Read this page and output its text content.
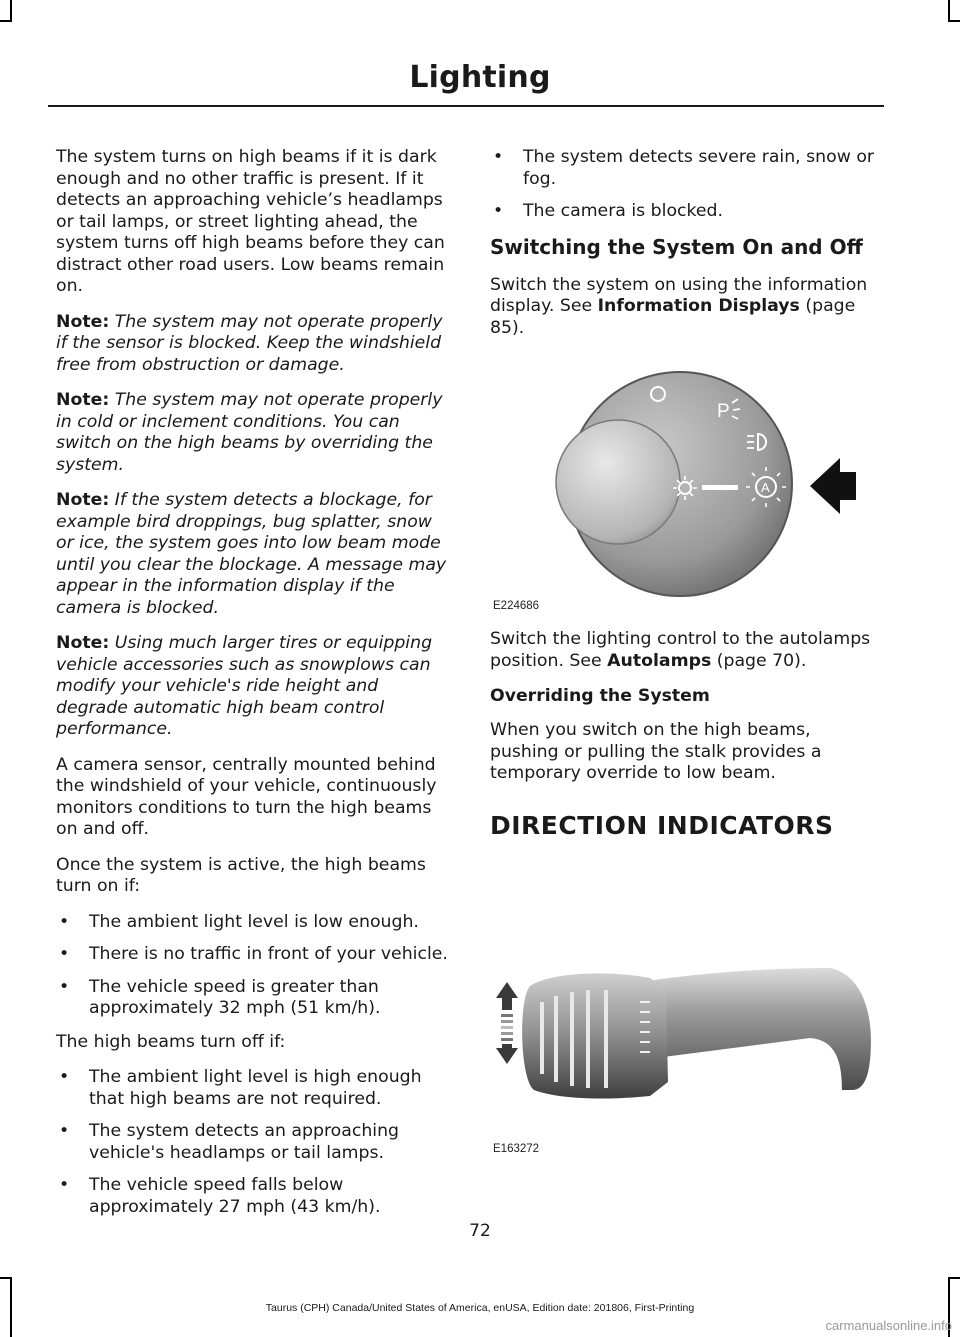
Lighting

The system turns on high beams if it is dark enough and no other traffic is present. If it detects an approaching vehicle’s headlamps or tail lamps, or street lighting ahead, the system turns off high beams before they can distract other road users. Low beams remain on.

Note: The system may not operate properly if the sensor is blocked. Keep the windshield free from obstruction or damage.

Note: The system may not operate properly in cold or inclement conditions. You can switch on the high beams by overriding the system.

Note: If the system detects a blockage, for example bird droppings, bug splatter, snow or ice, the system goes into low beam mode until you clear the blockage. A message may appear in the information display if the camera is blocked.

Note: Using much larger tires or equipping vehicle accessories such as snowplows can modify your vehicle's ride height and degrade automatic high beam control performance.

A camera sensor, centrally mounted behind the windshield of your vehicle, continuously monitors conditions to turn the high beams on and off.

Once the system is active, the high beams turn on if:

• The ambient light level is low enough.
• There is no traffic in front of your vehicle.
• The vehicle speed is greater than approximately 32 mph (51 km/h).

The high beams turn off if:

• The ambient light level is high enough that high beams are not required.
• The system detects an approaching vehicle's headlamps or tail lamps.
• The vehicle speed falls below approximately 27 mph (43 km/h).
• The system detects severe rain, snow or fog.
• The camera is blocked.
Switching the System On and Off

Switch the system on using the information display. See Information Displays (page 85).

P
A
E224686

Switch the lighting control to the autolamps position. See Autolamps (page 70).

Overriding the System

When you switch on the high beams, pushing or pulling the stalk provides a temporary override to low beam.

DIRECTION INDICATORS
E163272
72
Taurus (CPH) Canada/United States of America, enUSA, Edition date: 201806, First-Printing
carmanualsonline.info
